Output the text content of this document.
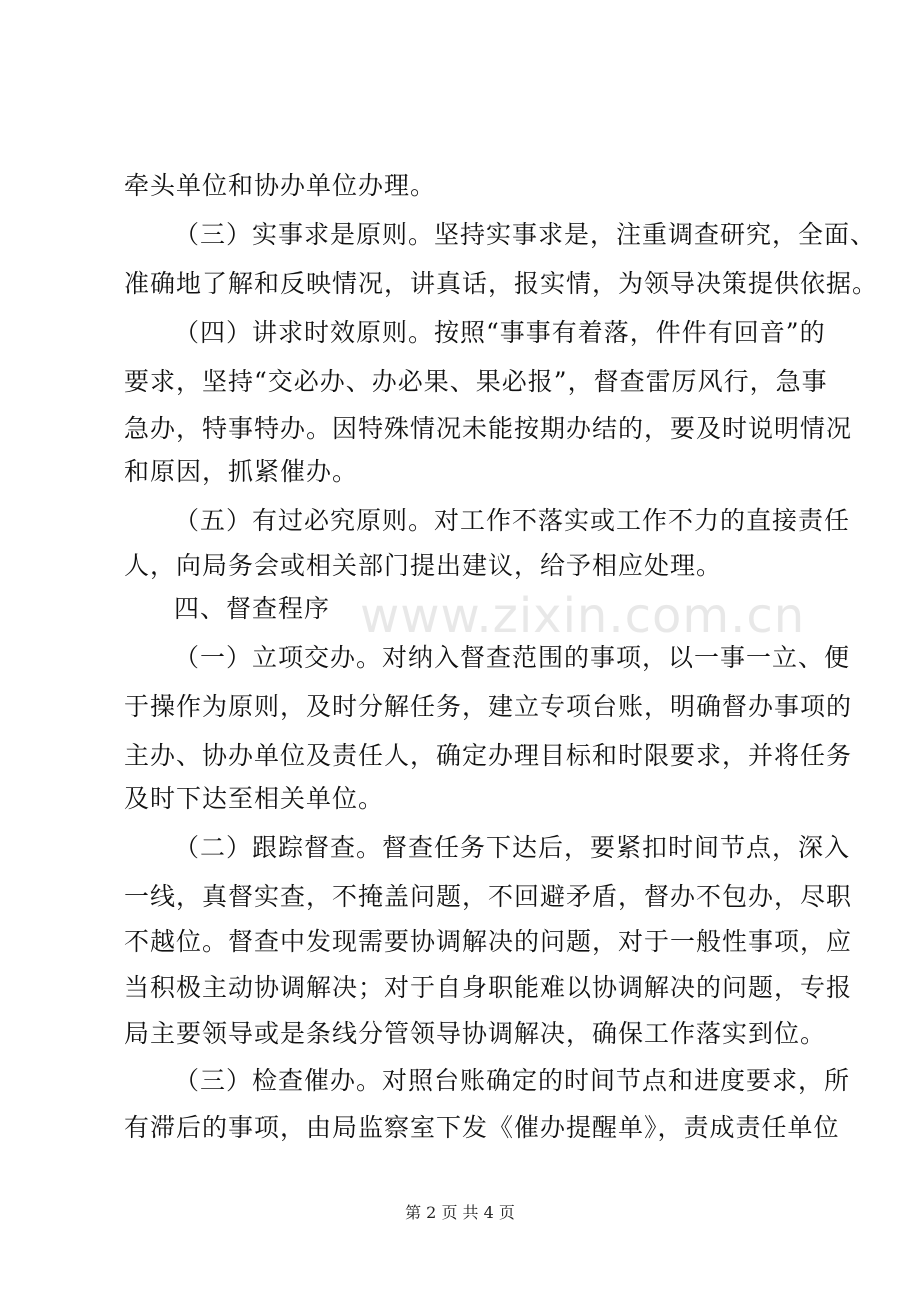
牵头单位和协办单位办理。
（三）实事求是原则。坚持实事求是，注重调查研究，全面、
准确地了解和反映情况，讲真话，报实情，为领导决策提供依据。
（四）讲求时效原则。按照“事事有着落，件件有回音”的
要求，坚持“交必办、办必果、果必报”，督查雷厉风行，急事
急办，特事特办。因特殊情况未能按期办结的，要及时说明情况
和原因，抓紧催办。
（五）有过必究原则。对工作不落实或工作不力的直接责任
人，向局务会或相关部门提出建议，给予相应处理。
四、督查程序
（一）立项交办。对纳入督查范围的事项，以一事一立、便
于操作为原则，及时分解任务，建立专项台账，明确督办事项的
主办、协办单位及责任人，确定办理目标和时限要求，并将任务
及时下达至相关单位。
（二）跟踪督查。督查任务下达后，要紧扣时间节点，深入
一线，真督实查，不掩盖问题，不回避矛盾，督办不包办，尽职
不越位。督查中发现需要协调解决的问题，对于一般性事项，应
当积极主动协调解决；对于自身职能难以协调解决的问题，专报
局主要领导或是条线分管领导协调解决，确保工作落实到位。
（三）检查催办。对照台账确定的时间节点和进度要求，所
有滞后的事项，由局监察室下发《催办提醒单》，责成责任单位
www.zixin.com.cn
第 2 页 共 4 页
